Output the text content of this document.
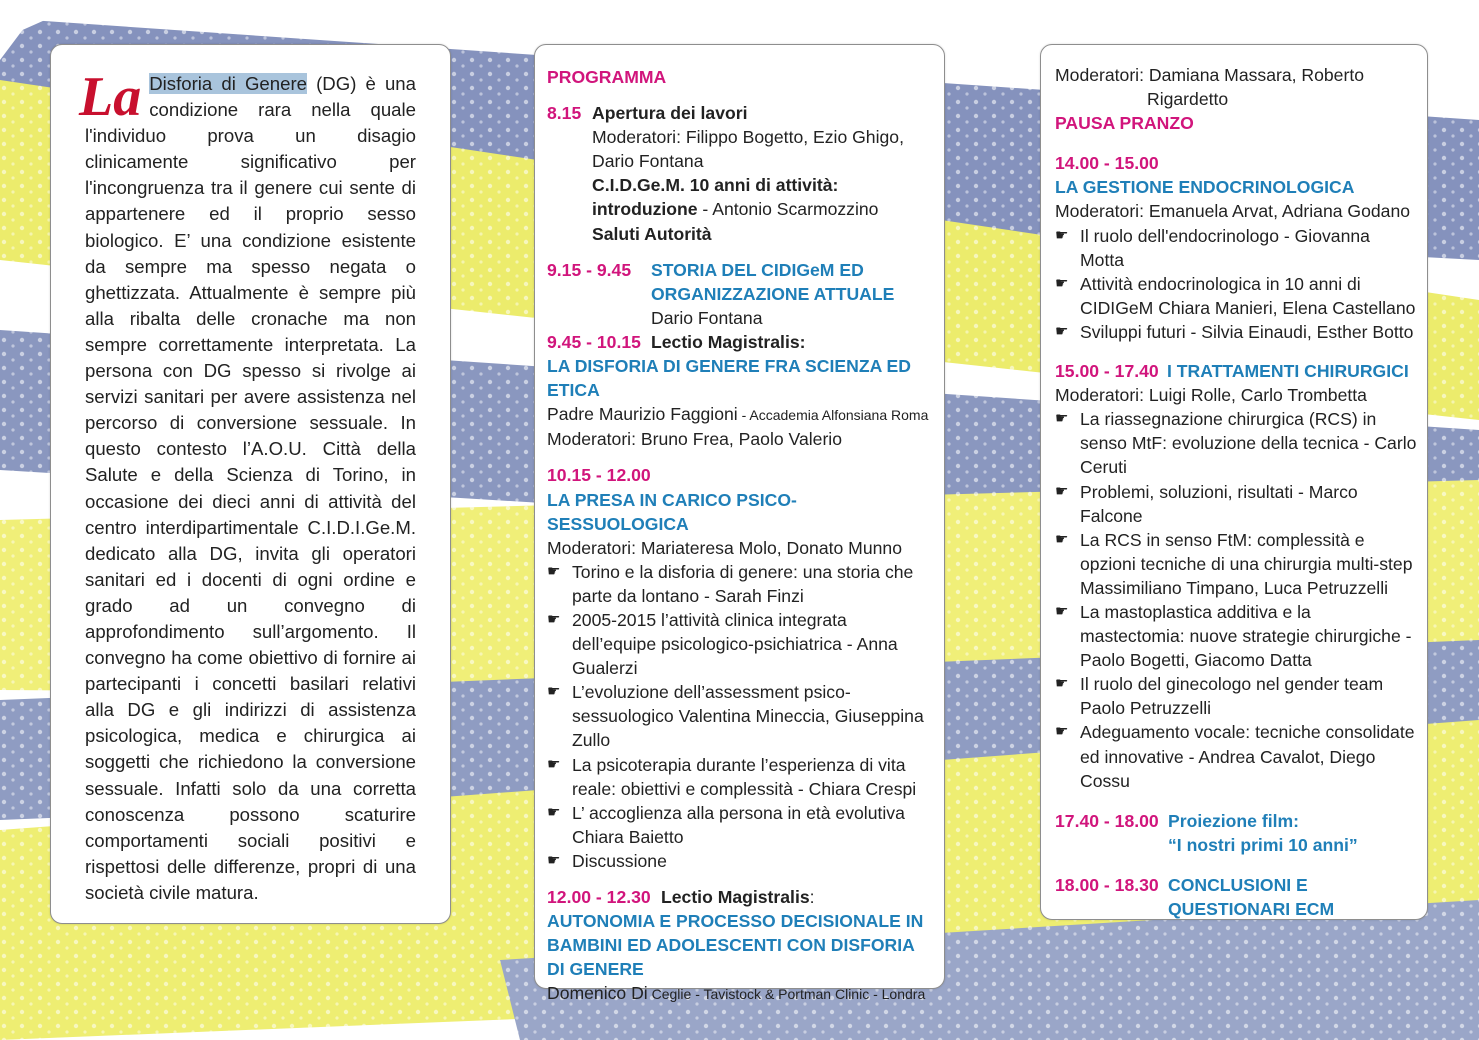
La Disforia di Genere (DG) è una condizione rara nella quale l'individuo prova un disagio clinicamente significativo per l'incongruenza tra il genere cui sente di appartenere ed il proprio sesso biologico. E’ una condizione esistente da sempre ma spesso negata o ghettizzata. Attualmente è sempre più alla ribalta delle cronache ma non sempre correttamente interpretata. La persona con DG spesso si rivolge ai servizi sanitari per avere assistenza nel percorso di conversione sessuale. In questo contesto l’A.O.U. Città della Salute e della Scienza di Torino, in occasione dei dieci anni di attività del centro interdipartimentale C.I.D.I.Ge.M. dedicato alla DG, invita gli operatori sanitari ed i docenti di ogni ordine e grado ad un convegno di approfondimento sull’argomento. Il convegno ha come obiettivo di fornire ai partecipanti i concetti basilari relativi alla DG e gli indirizzi di assistenza psicologica, medica e chirurgica ai soggetti che richiedono la conversione sessuale. Infatti solo da una corretta conoscenza possono scaturire comportamenti sociali positivi e rispettosi delle differenze, propri di una società civile matura.
PROGRAMMA
8.15 Apertura dei lavori
Moderatori: Filippo Bogetto, Ezio Ghigo, Dario Fontana
C.I.D.Ge.M. 10 anni di attività: introduzione - Antonio Scarmozzino
Saluti Autorità
9.15 - 9.45	STORIA DEL CIDIGeM ED ORGANIZZAZIONE ATTUALE
Dario Fontana
9.45 - 10.15 Lectio Magistralis:
LA DISFORIA DI GENERE FRA SCIENZA ED ETICA
Padre Maurizio Faggioni - Accademia Alfonsiana Roma
Moderatori: Bruno Frea, Paolo Valerio
10.15 - 12.00
LA PRESA IN CARICO PSICO-SESSUOLOGICA
Moderatori: Mariateresa Molo, Donato Munno
☛ Torino e la disforia di genere: una storia che parte da lontano - Sarah Finzi
☛ 2005-2015 l’attività clinica integrata dell’equipe psicologico-psichiatrica - Anna Gualerzi
☛ L’evoluzione dell’assessment psico-sessuologico Valentina Mineccia, Giuseppina Zullo
☛ La psicoterapia durante l’esperienza di vita reale: obiettivi e complessità - Chiara Crespi
☛ L’ accoglienza alla persona in età evolutiva Chiara Baietto
☛ Discussione
12.00 - 12.30 Lectio Magistralis:
AUTONOMIA E PROCESSO DECISIONALE IN BAMBINI ED ADOLESCENTI CON DISFORIA DI GENERE
Domenico Di Ceglie - Tavistock & Portman Clinic - Londra
Moderatori: Damiana Massara, Roberto
Rigardetto
PAUSA PRANZO
14.00 - 15.00
LA GESTIONE ENDOCRINOLOGICA
Moderatori: Emanuela Arvat, Adriana Godano
☛ Il ruolo dell'endocrinologo - Giovanna Motta
☛ Attività endocrinologica in 10 anni di CIDIGeM Chiara Manieri, Elena Castellano
☛ Sviluppi futuri - Silvia Einaudi, Esther Botto
15.00 - 17.40 I TRATTAMENTI CHIRURGICI
Moderatori: Luigi Rolle, Carlo Trombetta
☛ La riassegnazione chirurgica (RCS) in senso MtF: evoluzione della tecnica - Carlo Ceruti
☛ Problemi, soluzioni, risultati - Marco Falcone
☛ La RCS in senso FtM: complessità e opzioni tecniche di una chirurgia multi-step Massimiliano Timpano, Luca Petruzzelli
☛ La mastoplastica additiva e la mastectomia: nuove strategie chirurgiche - Paolo Bogetti, Giacomo Datta
☛ Il ruolo del ginecologo nel gender team Paolo Petruzzelli
☛ Adeguamento vocale: tecniche consolidate ed innovative - Andrea Cavalot, Diego Cossu
17.40 - 18.00 Proiezione film:
“I nostri primi 10 anni”
18.00 - 18.30 CONCLUSIONI E QUESTIONARI ECM
